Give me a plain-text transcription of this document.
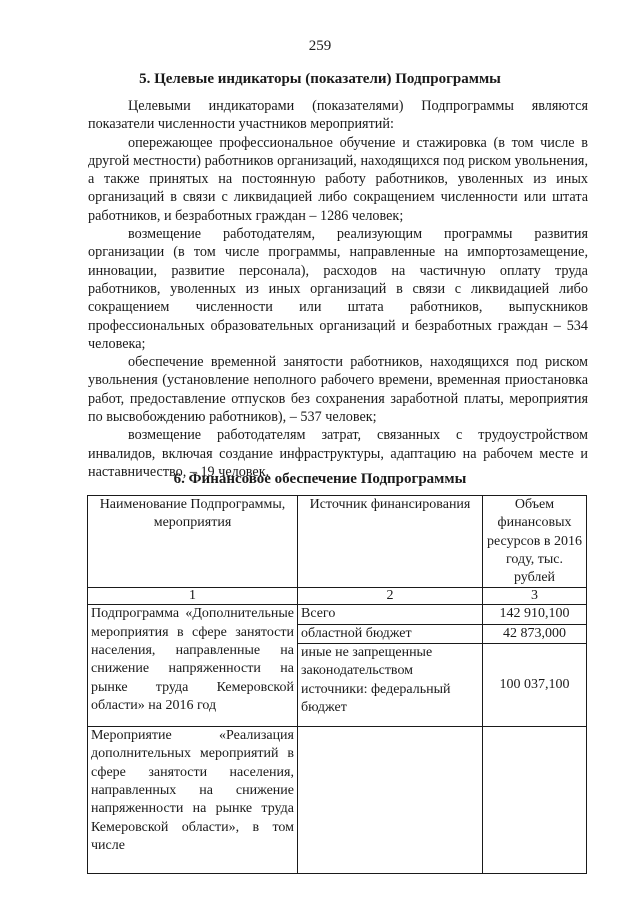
259
5. Целевые индикаторы (показатели) Подпрограммы

Целевыми индикаторами (показателями) Подпрограммы являются показатели численности участников мероприятий:

опережающее профессиональное обучение и стажировка (в том числе в другой местности) работников организаций, находящихся под риском увольнения, а также принятых на постоянную работу работников, уволенных из иных организаций в связи с ликвидацией либо сокращением численности или штата работников, и безработных граждан – 1286 человек;

возмещение работодателям, реализующим программы развития организации (в том числе программы, направленные на импортозамещение, инновации, развитие персонала), расходов на частичную оплату труда работников, уволенных из иных организаций в связи с ликвидацией либо сокращением численности или штата работников, выпускников профессиональных образовательных организаций и безработных граждан – 534 человека;

обеспечение временной занятости работников, находящихся под риском увольнения (установление неполного рабочего времени, временная приостановка работ, предоставление отпусков без сохранения заработной платы, мероприятия по высвобождению работников), – 537 человек;

возмещение работодателям затрат, связанных с трудоустройством инвалидов, включая создание инфраструктуры, адаптацию на рабочем месте и наставничество, – 19 человек.

6. Финансовое обеспечение Подпрограммы
Наименование Подпрограммы, мероприятия	Источник финансирования	Объем финансовых ресурсов в 2016 году, тыс. рублей
1	2	3
Подпрограмма «Дополнительные мероприятия в сфере занятости населения, направленные на снижение напряженности на рынке труда Кемеровской области» на 2016 год	Всего	142 910,100
	областной бюджет	42 873,000
	иные не запрещенные законодательством источники: федеральный бюджет	100 037,100
Мероприятие «Реализация дополнительных мероприятий в сфере занятости населения, направленных на снижение напряженности на рынке труда Кемеровской области», в том числе		
